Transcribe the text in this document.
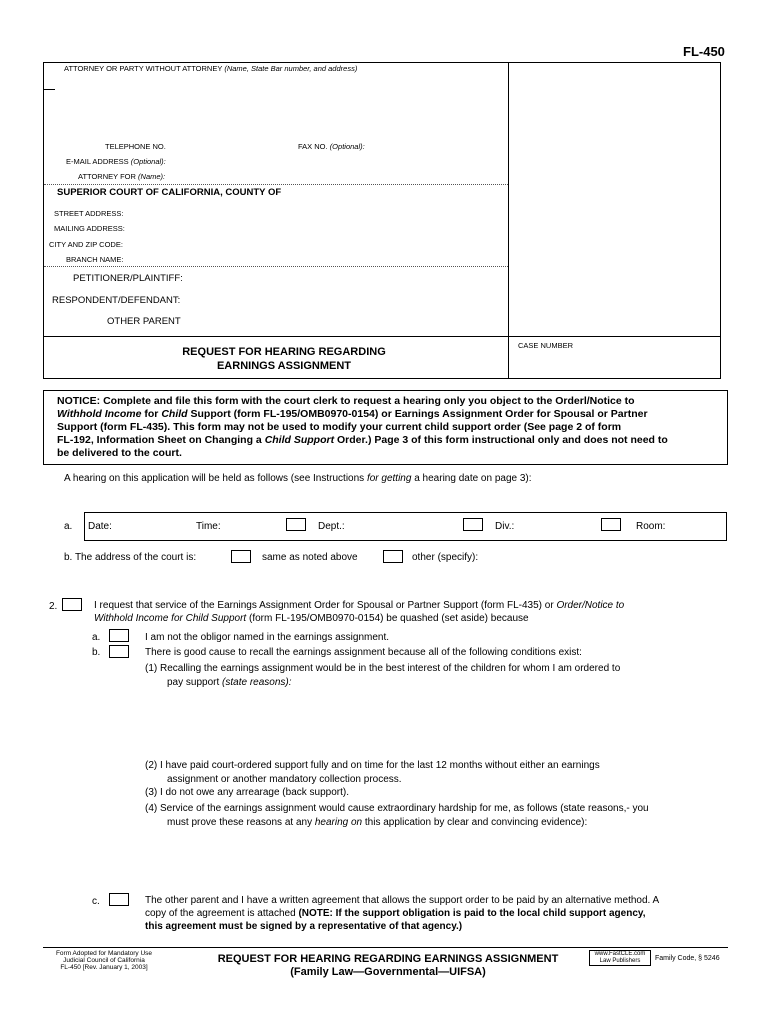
FL-450
ATTORNEY OR PARTY WITHOUT ATTORNEY (Name, State Bar number, and address)
TELEPHONE NO.	FAX NO. (Optional):
E-MAIL ADDRESS (Optional):
ATTORNEY FOR (Name):
SUPERIOR COURT OF CALIFORNIA, COUNTY OF
STREET ADDRESS:
MAILING ADDRESS:
CITY AND ZIP CODE:
BRANCH NAME:
PETITIONER/PLAINTIFF:
RESPONDENT/DEFENDANT:
OTHER PARENT
REQUEST FOR HEARING REGARDING
EARNINGS ASSIGNMENT
CASE NUMBER
NOTICE: Complete and file this form with the court clerk to request a hearing only you object to the Orderl/Notice to
Withhold Income for Child Support (form FL-195/OMB0970-0154) or Earnings Assignment Order for Spousal or Partner
Support (form FL-435). This form may not be used to modify your current child support order (See page 2 of form
FL-192, Information Sheet on Changing a Child Support Order.) Page 3 of this form instructional only and does not need to
be delivered to the court.
A hearing on this application will be held as follows (see Instructions for getting a hearing date on page 3):
a. Date:	Time:	Dept.:	Div.:	Room:
b. The address of the court is:	same as noted above	other (specify):
2.	I request that service of the Earnings Assignment Order for Spousal or Partner Support (form FL-435) or Order/Notice to
Withhold Income for Child Support (form FL-195/OMB0970-0154) be quashed (set aside) because
a.	I am not the obligor named in the earnings assignment.
b.	There is good cause to recall the earnings assignment because all of the following conditions exist:
(1) Recalling the earnings assignment would be in the best interest of the children for whom I am ordered to
pay support (state reasons):
(2) I have paid court-ordered support fully and on time for the last 12 months without either an earnings
assignment or another mandatory collection process.
(3) I do not owe any arrearage (back support).
(4) Service of the earnings assignment would cause extraordinary hardship for me, as follows (state reasons,- you
must prove these reasons at any hearing on this application by clear and convincing evidence):
c.	The other parent and I have a written agreement that allows the support order to be paid by an alternative method. A
copy of the agreement is attached (NOTE: If the support obligation is paid to the local child support agency,
this agreement must be signed by a representative of that agency.)
Form Adopted for Mandatory Use
Judicial Council of California
FL-450 [Rev. January 1, 2003]
REQUEST FOR HEARING REGARDING EARNINGS ASSIGNMENT
(Family Law—Governmental—UIFSA)
www.FastCLE.com
Law Publishers	Family Code, § 5246
